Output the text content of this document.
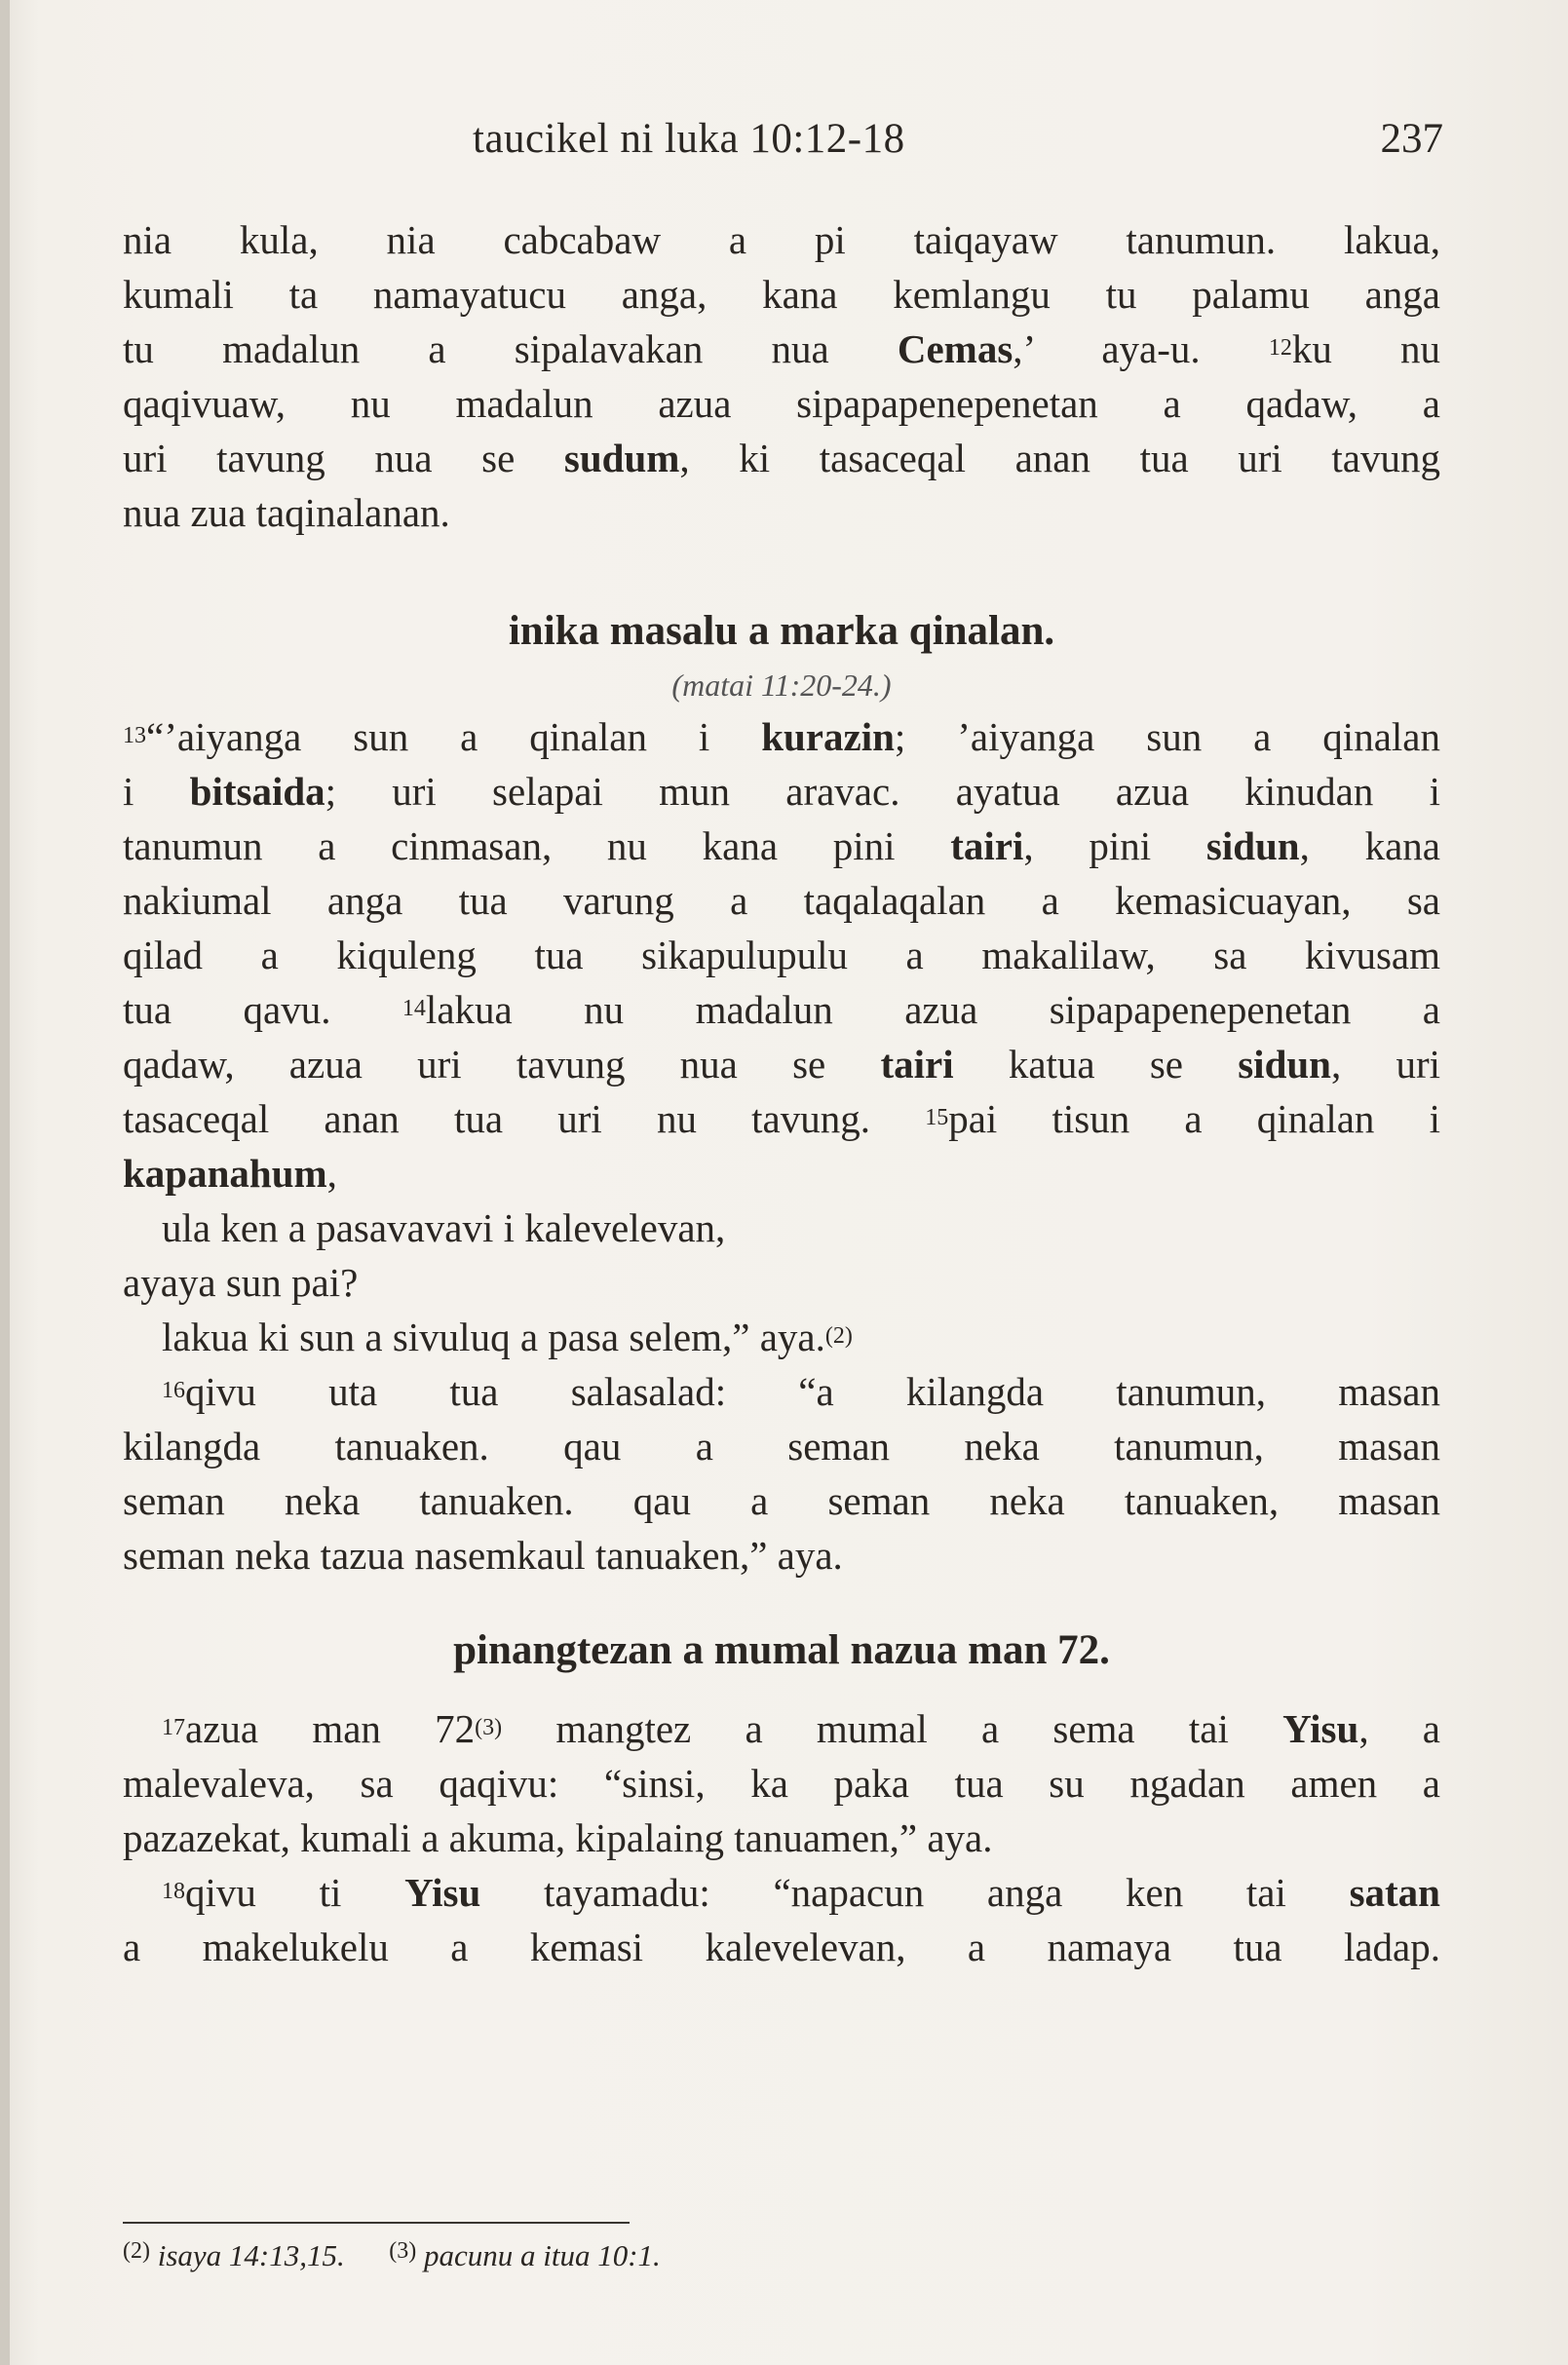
taucikel ni luka 10:12-18	237
nia kula, nia cabcabaw a pi taiqayaw tanumun. lakua,
kumali ta namayatucu anga, kana kemlangu tu palamu anga
tu madalun a sipalavakan nua Cemas,’ aya-u. $^{12}$ku nu
qaqivuaw, nu madalun azua sipapapenepenetan a qadaw, a
uri tavung nua se sudum, ki tasaceqal anan tua uri tavung
nua zua taqinalanan.
inika masalu a marka qinalan.
(matai 11:20-24.)
$^{13}$“’aiyanga sun a qinalan i kurazin; ’aiyanga sun a qinalan
i bitsaida; uri selapai mun aravac. ayatua azua kinudan i
tanumun a cinmasan, nu kana pini tairi, pini sidun, kana
nakiumal anga tua varung a taqalaqalan a kemasicuayan, sa
qilad a kiquleng tua sikapulupulu a makalilaw, sa kivusam
tua qavu. $^{14}$lakua nu madalun azua sipapapenepenetan a
qadaw, azua uri tavung nua se tairi katua se sidun, uri
tasaceqal anan tua uri nu tavung. $^{15}$pai tisun a qinalan i
kapanahum,
ula ken a pasavavavi i kalevelevan,
ayaya sun pai?
lakua ki sun a sivuluq a pasa selem,” aya.$^{(2)}$
$^{16}$qivu uta tua salasalad: “a kilangda tanumun, masan
kilangda tanuaken. qau a seman neka tanumun, masan
seman neka tanuaken. qau a seman neka tanuaken, masan
seman neka tazua nasemkaul tanuaken,” aya.
pinangtezan a mumal nazua man 72.
$^{17}$azua man 72$^{(3)}$ mangtez a mumal a sema tai Yisu, a
malevaleva, sa qaqivu: “sinsi, ka paka tua su ngadan amen a
pazazekat, kumali a akuma, kipalaing tanuamen,” aya.
$^{18}$qivu ti Yisu tayamadu: “napacun anga ken tai satan
a makelukelu a kemasi kalevelevan, a namaya tua ladap.
$^{(2)}$ isaya 14:13,15. $^{(3)}$ pacunu a itua 10:1.
